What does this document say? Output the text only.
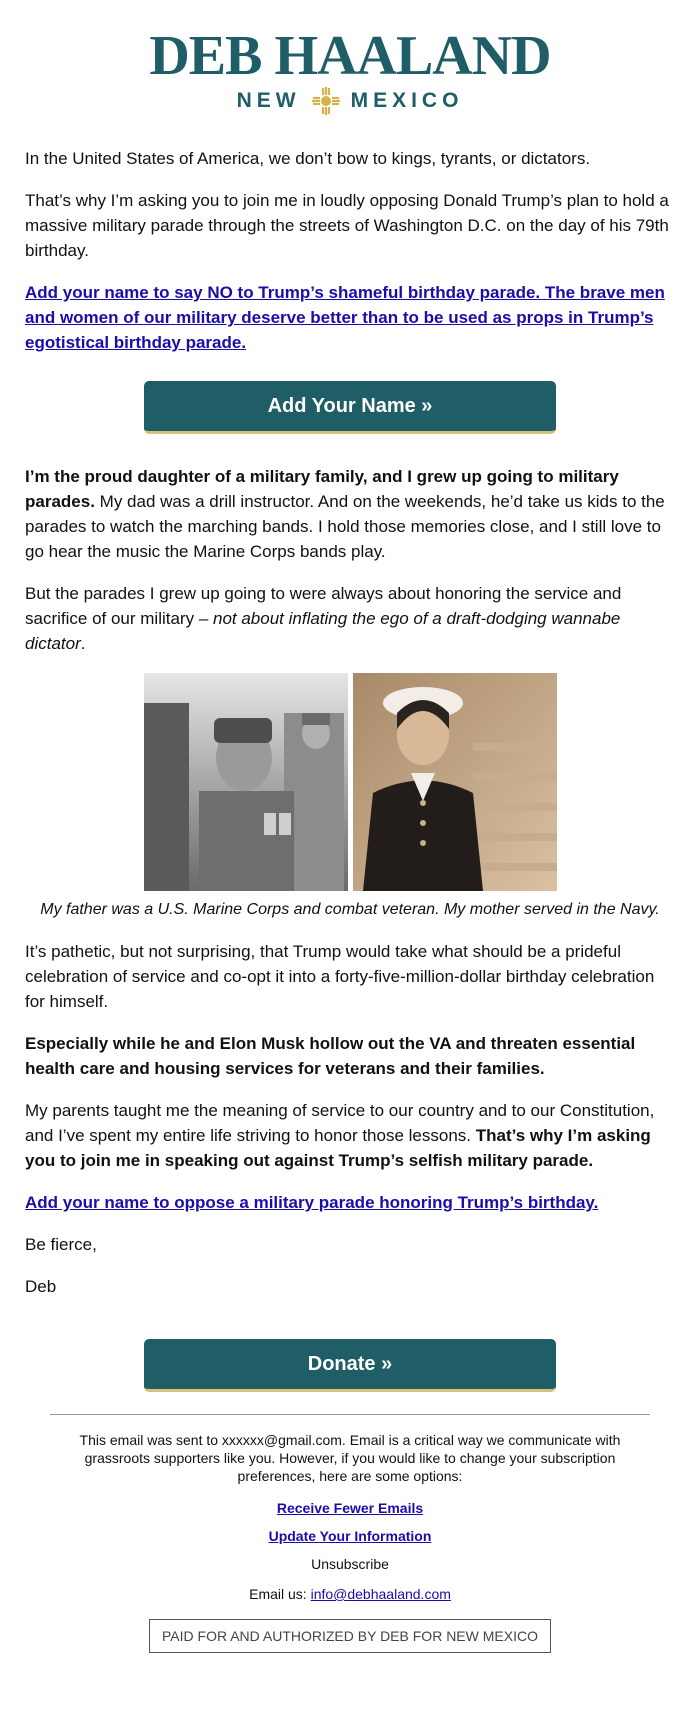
DEB HAALAND
NEW MEXICO

In the United States of America, we don’t bow to kings, tyrants, or dictators.

That’s why I’m asking you to join me in loudly opposing Donald Trump’s plan to hold a massive military parade through the streets of Washington D.C. on the day of his 79th birthday.

Add your name to say NO to Trump’s shameful birthday parade. The brave men and women of our military deserve better than to be used as props in Trump’s egotistical birthday parade.

Add Your Name »

I’m the proud daughter of a military family, and I grew up going to military parades. My dad was a drill instructor. And on the weekends, he’d take us kids to the parades to watch the marching bands. I hold those memories close, and I still love to go hear the music the Marine Corps bands play.

But the parades I grew up going to were always about honoring the service and sacrifice of our military – not about inflating the ego of a draft-dodging wannabe dictator.

My father was a U.S. Marine Corps and combat veteran. My mother served in the Navy.

It’s pathetic, but not surprising, that Trump would take what should be a prideful celebration of service and co-opt it into a forty-five-million-dollar birthday celebration for himself.

Especially while he and Elon Musk hollow out the VA and threaten essential health care and housing services for veterans and their families.

My parents taught me the meaning of service to our country and to our Constitution, and I’ve spent my entire life striving to honor those lessons. That’s why I’m asking you to join me in speaking out against Trump’s selfish military parade.

Add your name to oppose a military parade honoring Trump’s birthday.

Be fierce,

Deb

Donate »
This email was sent to xxxxxx@gmail.com. Email is a critical way we communicate with grassroots supporters like you. However, if you would like to change your subscription preferences, here are some options:
Receive Fewer Emails
Update Your Information
Unsubscribe
Email us: info@debhaaland.com
PAID FOR AND AUTHORIZED BY DEB FOR NEW MEXICO
